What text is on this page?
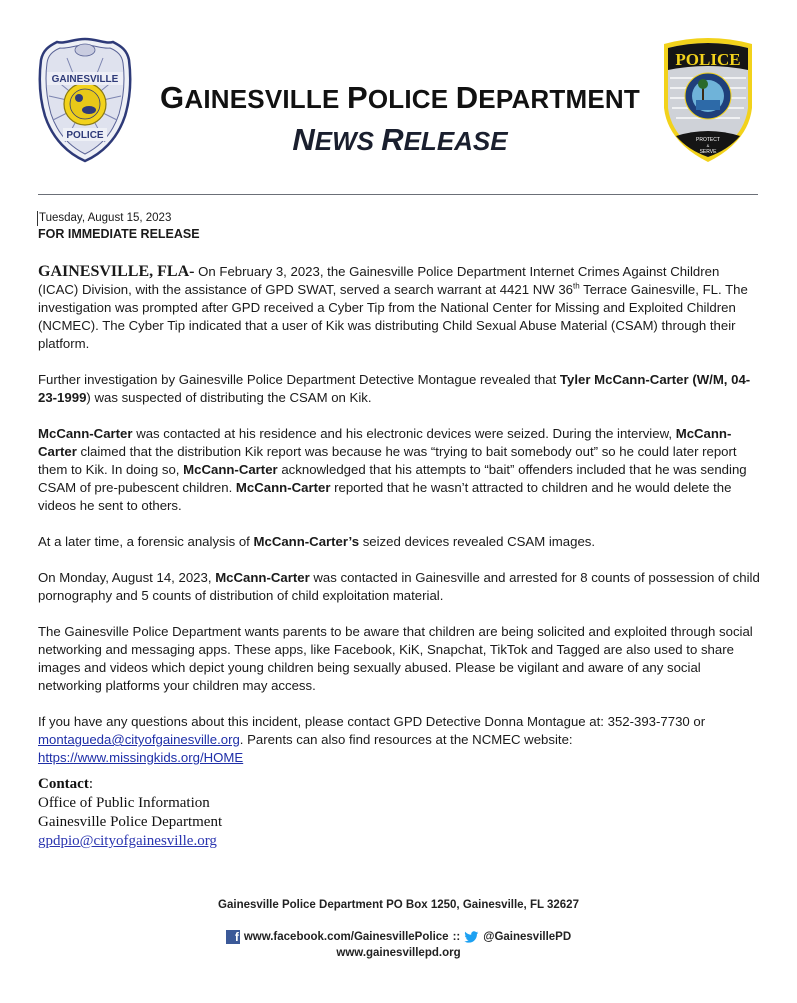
GAINESVILLE
POLICE
GAINESVILLE POLICE DEPARTMENT
NEWS RELEASE
POLICE
PROTECT
&
SERVE
Tuesday, August 15, 2023
FOR IMMEDIATE RELEASE

GAINESVILLE, FLA- On February 3, 2023, the Gainesville Police Department Internet Crimes Against Children (ICAC) Division, with the assistance of GPD SWAT, served a search warrant at 4421 NW 36th Terrace Gainesville, FL. The investigation was prompted after GPD received a Cyber Tip from the National Center for Missing and Exploited Children (NCMEC). The Cyber Tip indicated that a user of Kik was distributing Child Sexual Abuse Material (CSAM) through their platform.

Further investigation by Gainesville Police Department Detective Montague revealed that Tyler McCann-Carter (W/M, 04-23-1999) was suspected of distributing the CSAM on Kik.

McCann-Carter was contacted at his residence and his electronic devices were seized. During the interview, McCann-Carter claimed that the distribution Kik report was because he was “trying to bait somebody out” so he could later report them to Kik. In doing so, McCann-Carter acknowledged that his attempts to “bait” offenders included that he was sending CSAM of pre-pubescent children. McCann-Carter reported that he wasn’t attracted to children and he would delete the videos he sent to others.

At a later time, a forensic analysis of McCann-Carter’s seized devices revealed CSAM images.

On Monday, August 14, 2023, McCann-Carter was contacted in Gainesville and arrested for 8 counts of possession of child pornography and 5 counts of distribution of child exploitation material.

The Gainesville Police Department wants parents to be aware that children are being solicited and exploited through social networking and messaging apps. These apps, like Facebook, KiK, Snapchat, TikTok and Tagged are also used to share images and videos which depict young children being sexually abused. Please be vigilant and aware of any social networking platforms your children may access.

If you have any questions about this incident, please contact GPD Detective Donna Montague at: 352-393-7730 or montagueda@cityofgainesville.org. Parents can also find resources at the NCMEC website: https://www.missingkids.org/HOME

Contact:
Office of Public Information
Gainesville Police Department
gpdpio@cityofgainesville.org
Gainesville Police Department PO Box 1250, Gainesville, FL 32627
f www.facebook.com/GainesvillePolice :: @GainesvillePD
www.gainesvillepd.org
